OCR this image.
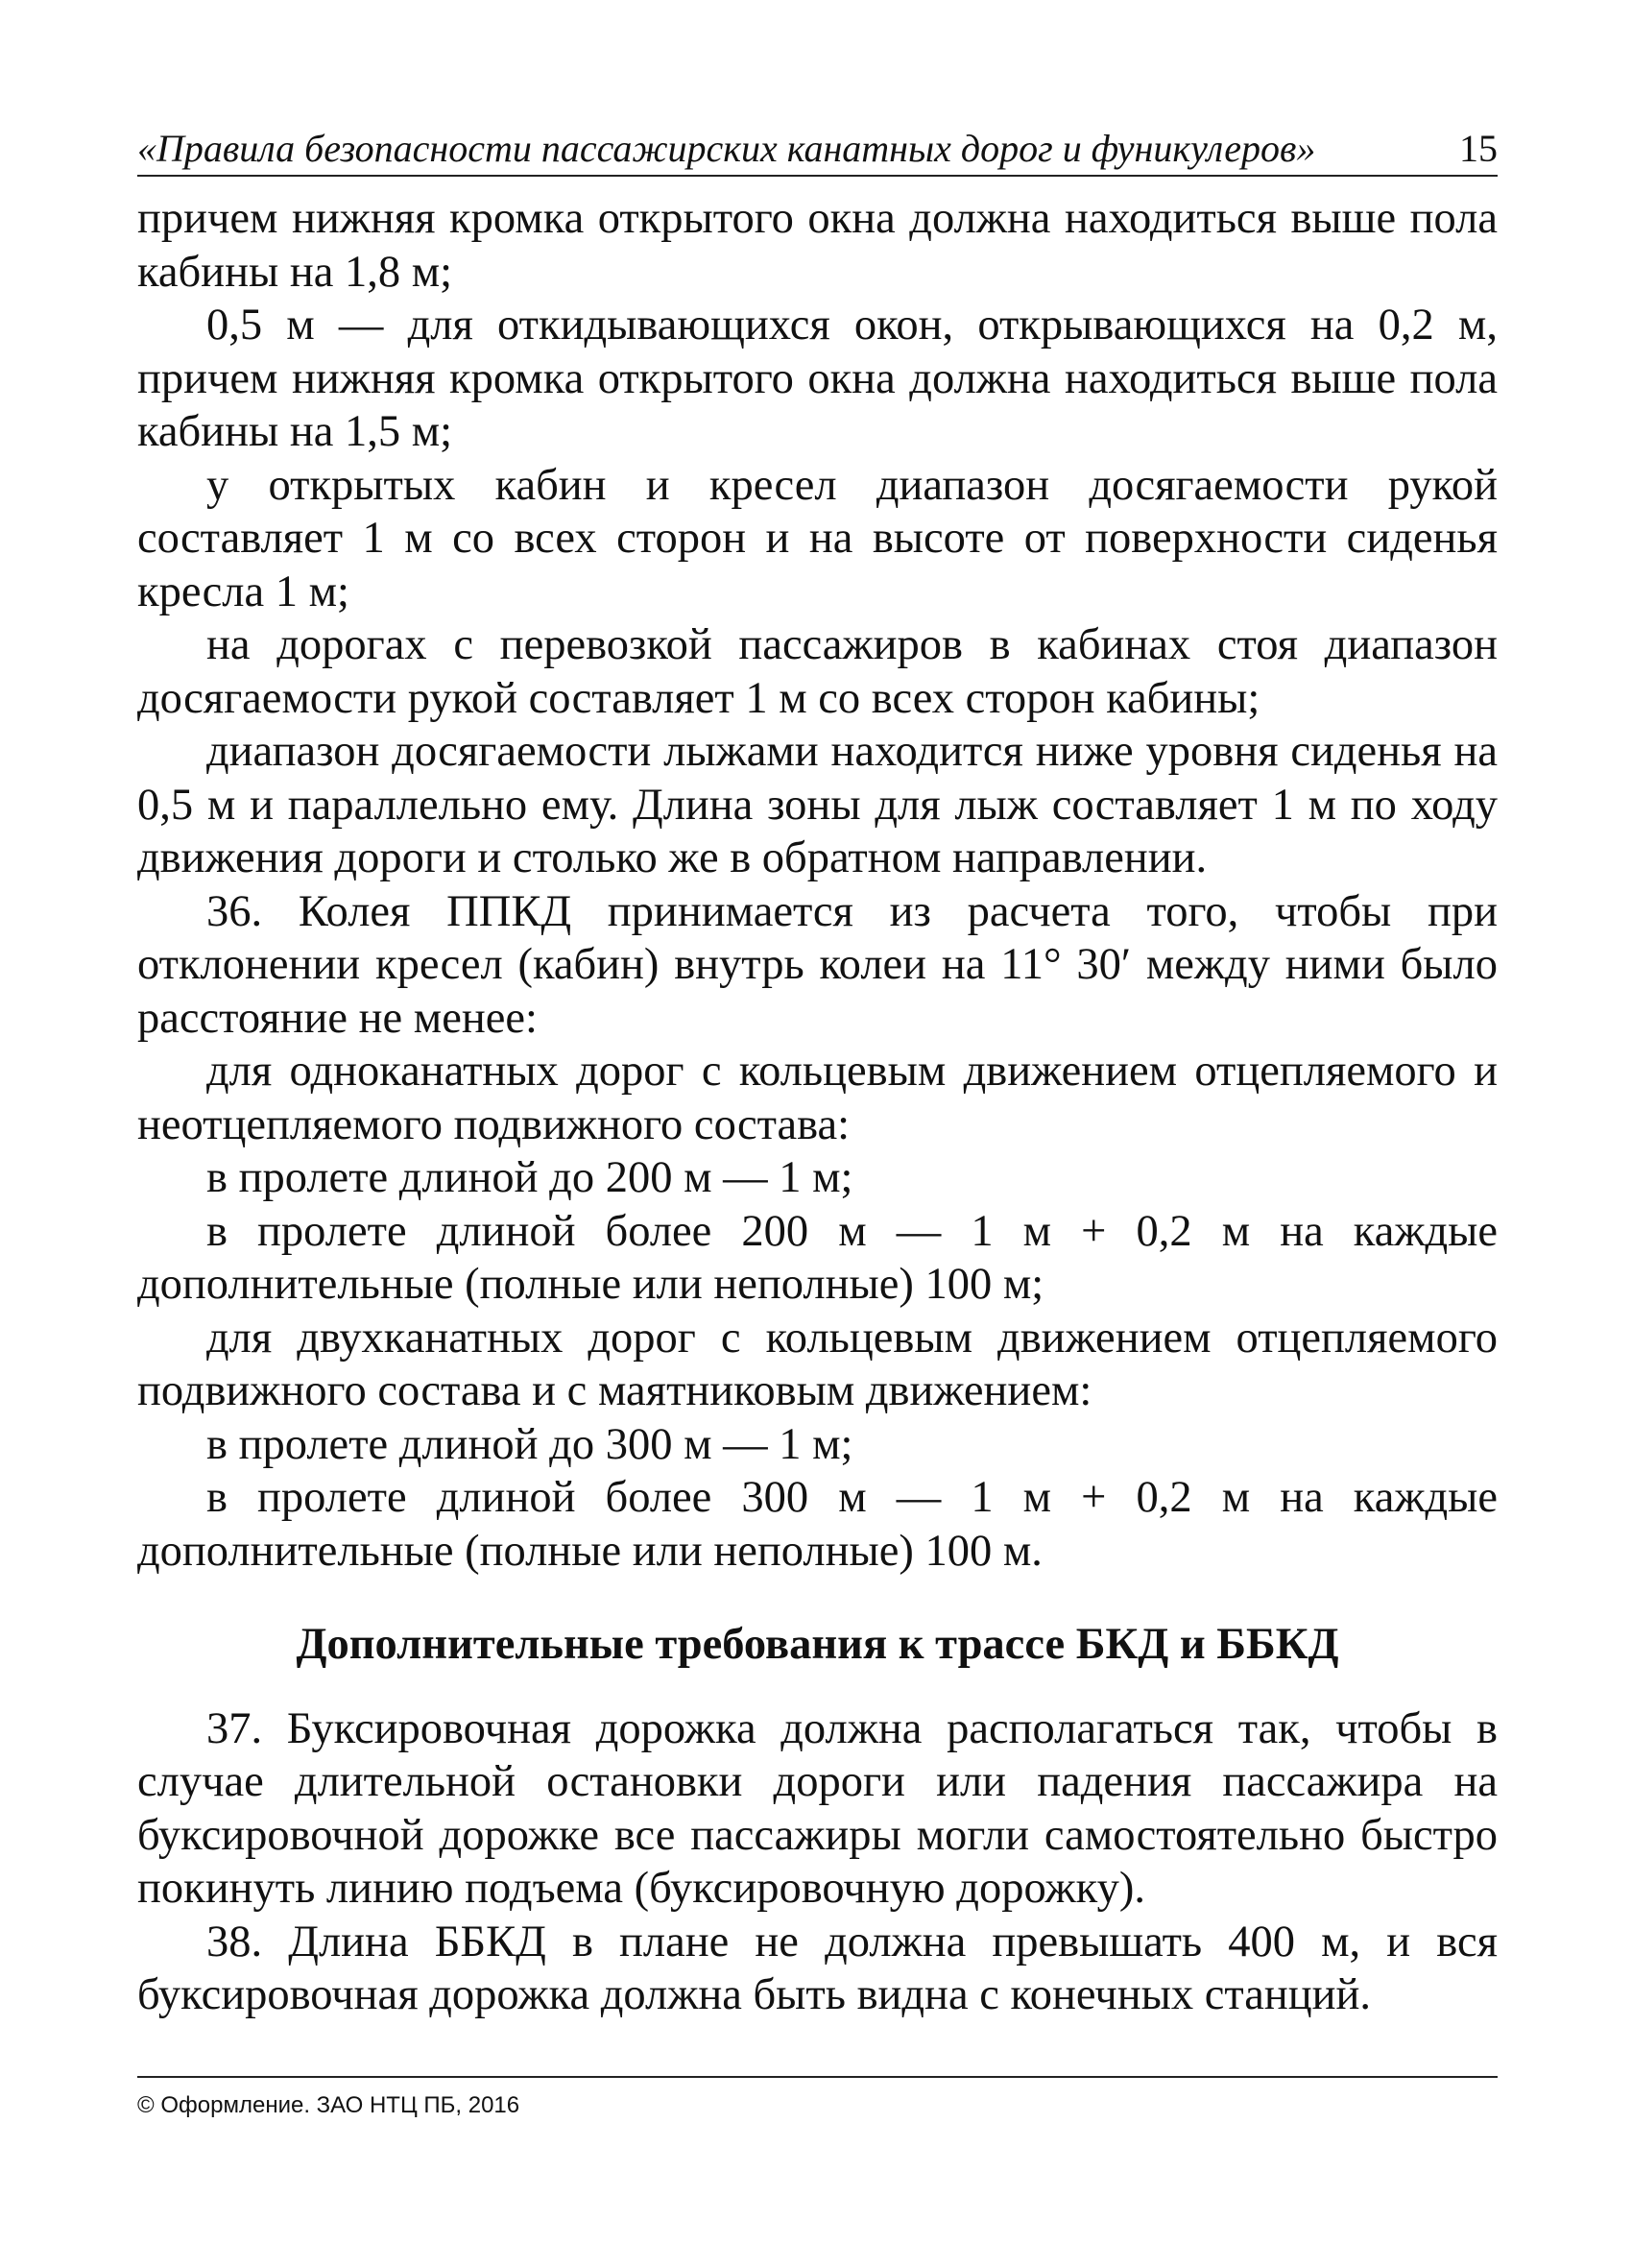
«Правила безопасности пассажирских канатных дорог и фуникулеров»	15

причем нижняя кромка открытого окна должна находиться выше пола кабины на 1,8 м;

0,5 м — для откидывающихся окон, открывающихся на 0,2 м, причем нижняя кромка открытого окна должна находиться выше пола кабины на 1,5 м;

у открытых кабин и кресел диапазон досягаемости рукой составляет 1 м со всех сторон и на высоте от поверхности сиденья кресла 1 м;

на дорогах с перевозкой пассажиров в кабинах стоя диапазон досягаемости рукой составляет 1 м со всех сторон кабины;

диапазон досягаемости лыжами находится ниже уровня сиденья на 0,5 м и параллельно ему. Длина зоны для лыж составляет 1 м по ходу движения дороги и столько же в обратном направлении.

36. Колея ППКД принимается из расчета того, чтобы при отклонении кресел (кабин) внутрь колеи на 11° 30′ между ними было расстояние не менее:

для одноканатных дорог с кольцевым движением отцепляемого и неотцепляемого подвижного состава:

в пролете длиной до 200 м — 1 м;

в пролете длиной более 200 м — 1 м + 0,2 м на каждые дополнительные (полные или неполные) 100 м;

для двухканатных дорог с кольцевым движением отцепляемого подвижного состава и с маятниковым движением:

в пролете длиной до 300 м — 1 м;

в пролете длиной более 300 м — 1 м + 0,2 м на каждые дополнительные (полные или неполные) 100 м.

Дополнительные требования к трассе БКД и ББКД

37. Буксировочная дорожка должна располагаться так, чтобы в случае длительной остановки дороги или падения пассажира на буксировочной дорожке все пассажиры могли самостоятельно быстро покинуть линию подъема (буксировочную дорожку).

38. Длина ББКД в плане не должна превышать 400 м, и вся буксировочная дорожка должна быть видна с конечных станций.

© Оформление. ЗАО НТЦ ПБ, 2016
